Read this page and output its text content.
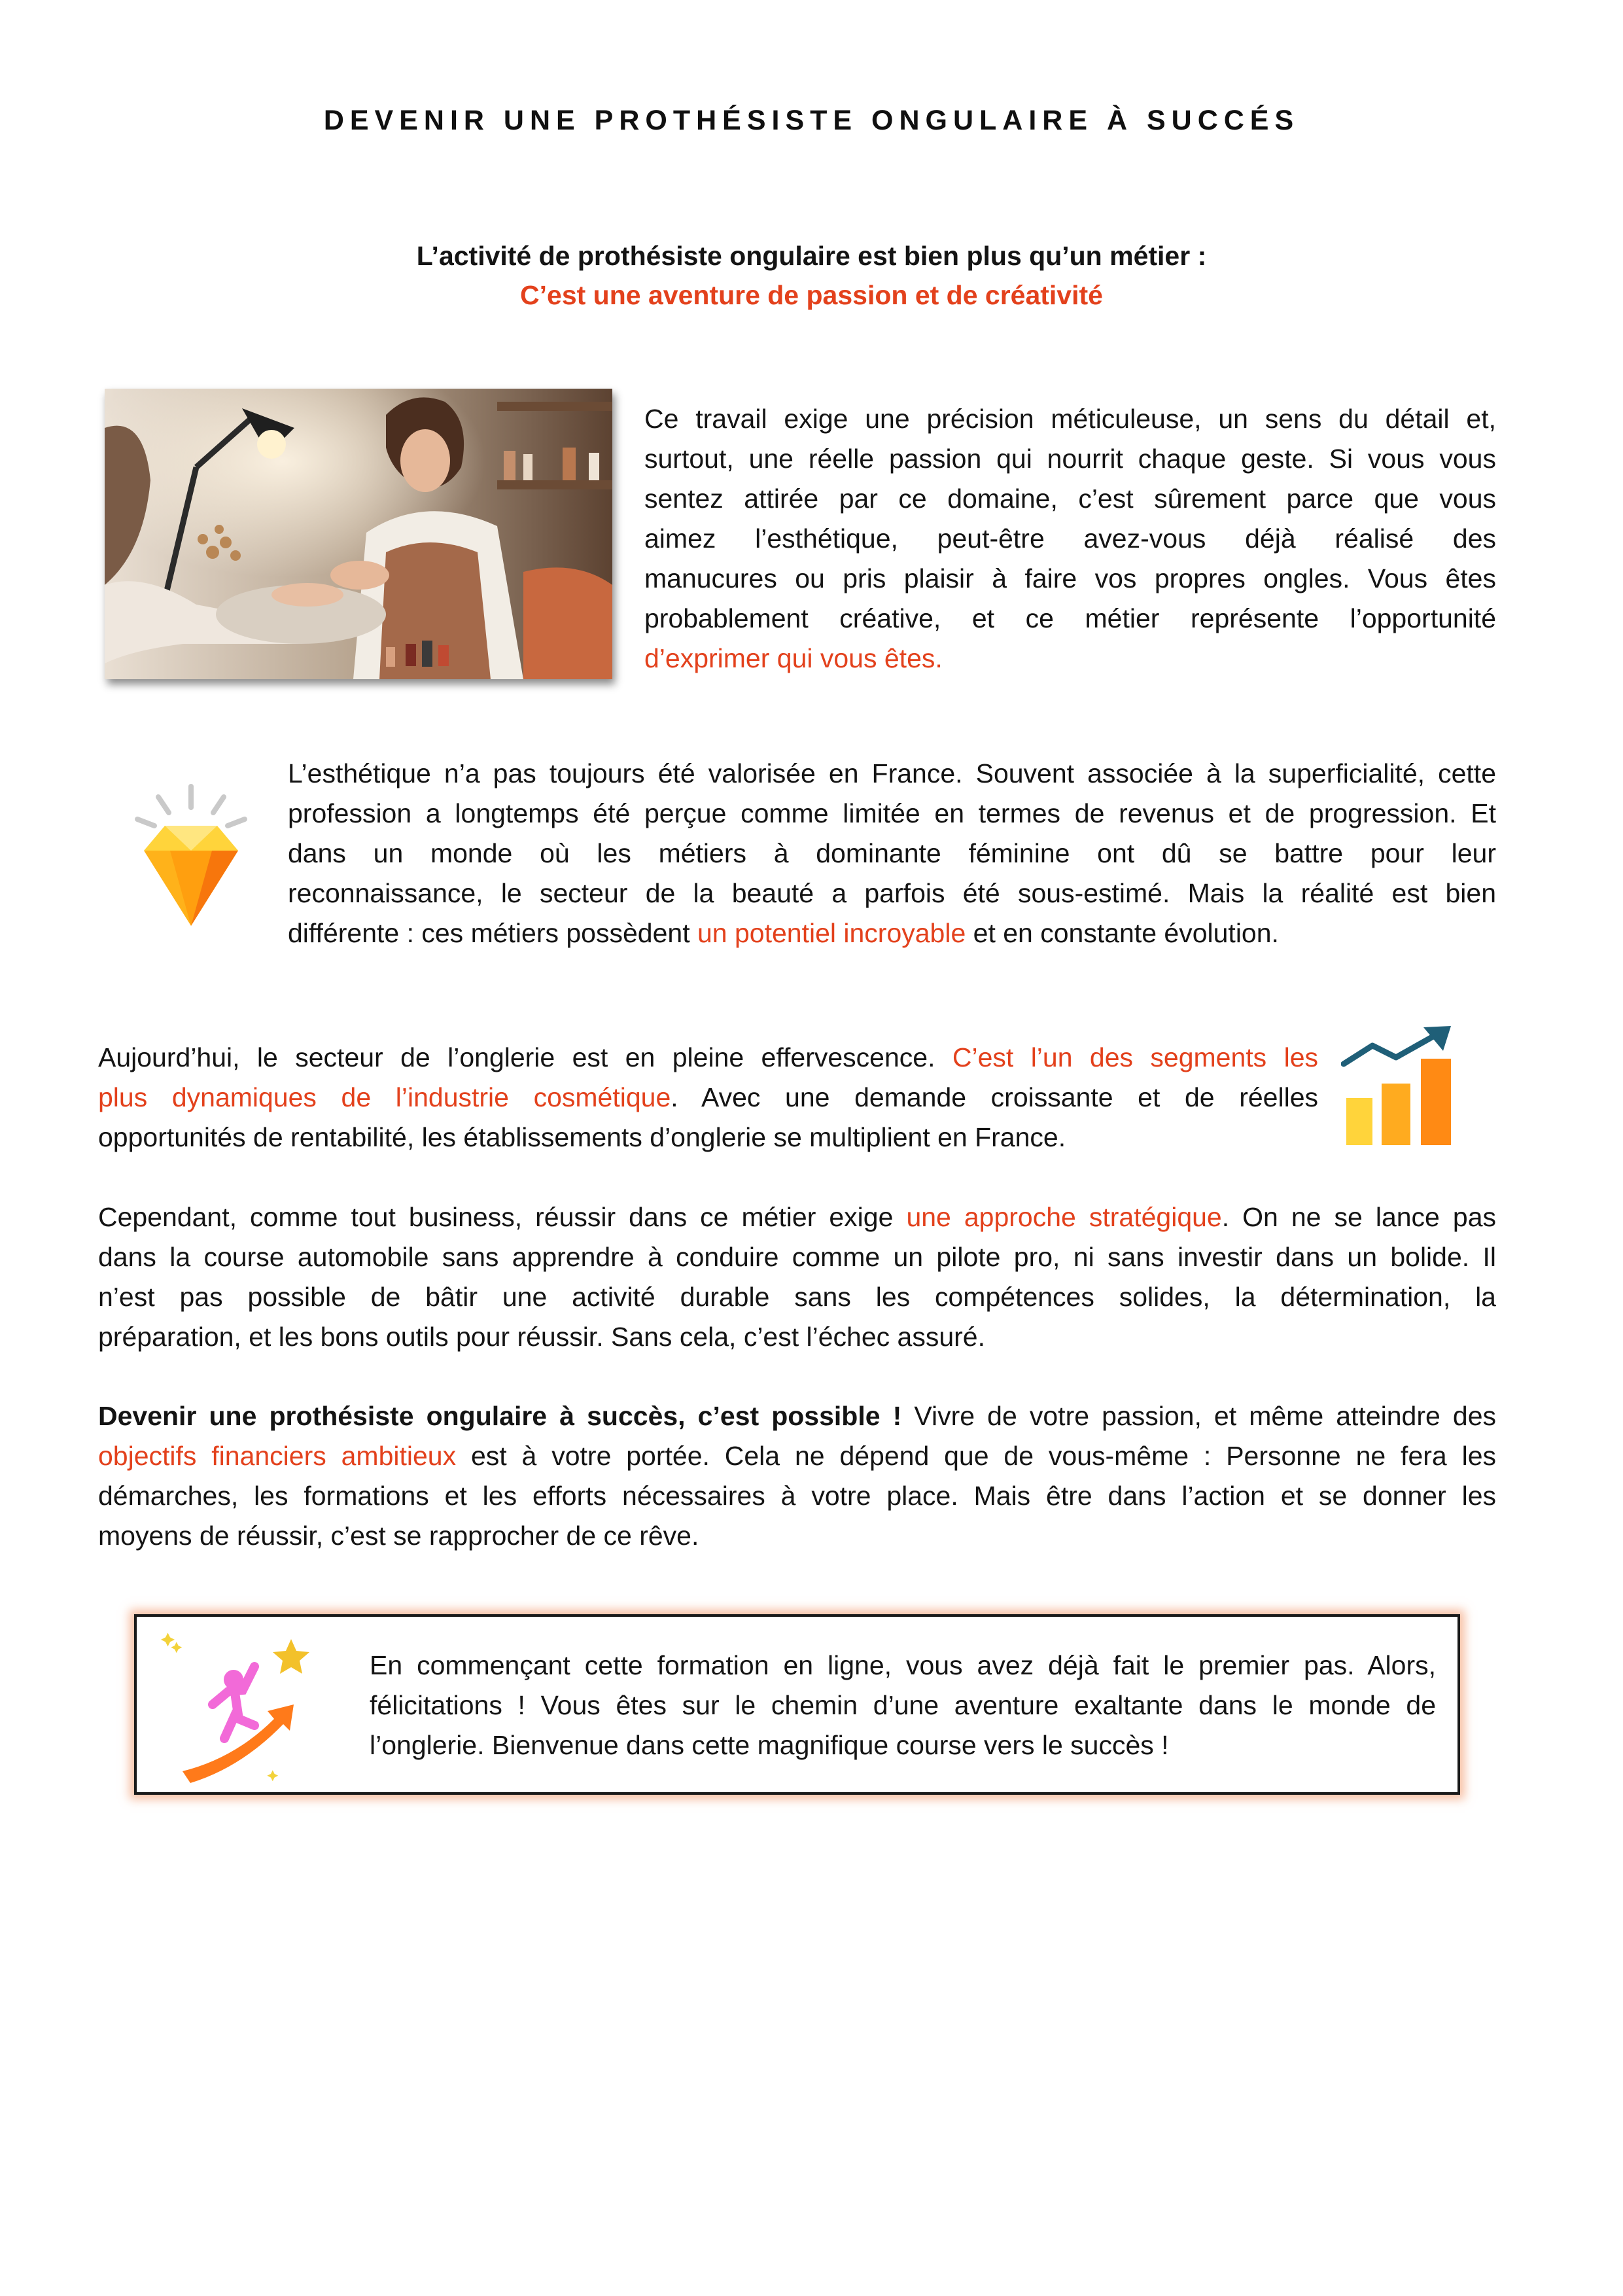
DEVENIR UNE PROTHÉSISTE ONGULAIRE À SUCCÉS
L’activité de prothésiste ongulaire est bien plus qu’un métier :
C’est une aventure de passion et de créativité
Ce travail exige une précision méticuleuse, un sens du détail et,
surtout, une réelle passion qui nourrit chaque geste. Si vous vous
sentez attirée par ce domaine, c’est sûrement parce que vous
aimez l’esthétique, peut-être avez-vous déjà réalisé des
manucures ou pris plaisir à faire vos propres ongles. Vous êtes
probablement créative, et ce métier représente l’opportunité
d’exprimer qui vous êtes.
L’esthétique n’a pas toujours été valorisée en France. Souvent associée à la superficialité, cette
profession a longtemps été perçue comme limitée en termes de revenus et de progression. Et
dans un monde où les métiers à dominante féminine ont dû se battre pour leur
reconnaissance, le secteur de la beauté a parfois été sous-estimé. Mais la réalité est bien
différente : ces métiers possèdent un potentiel incroyable et en constante évolution.
Aujourd’hui, le secteur de l’onglerie est en pleine effervescence. C’est l’un des segments les
plus dynamiques de l’industrie cosmétique. Avec une demande croissante et de réelles
opportunités de rentabilité, les établissements d’onglerie se multiplient en France.
Cependant, comme tout business, réussir dans ce métier exige une approche stratégique. On ne se lance pas
dans la course automobile sans apprendre à conduire comme un pilote pro, ni sans investir dans un bolide. Il
n’est pas possible de bâtir une activité durable sans les compétences solides, la détermination, la
préparation, et les bons outils pour réussir. Sans cela, c’est l’échec assuré.
Devenir une prothésiste ongulaire à succès, c’est possible ! Vivre de votre passion, et même atteindre des
objectifs financiers ambitieux est à votre portée. Cela ne dépend que de vous-même : Personne ne fera les
démarches, les formations et les efforts nécessaires à votre place. Mais être dans l’action et se donner les
moyens de réussir, c’est se rapprocher de ce rêve.
En commençant cette formation en ligne, vous avez déjà fait le premier pas. Alors,
félicitations ! Vous êtes sur le chemin d’une aventure exaltante dans le monde de
l’onglerie. Bienvenue dans cette magnifique course vers le succès !
